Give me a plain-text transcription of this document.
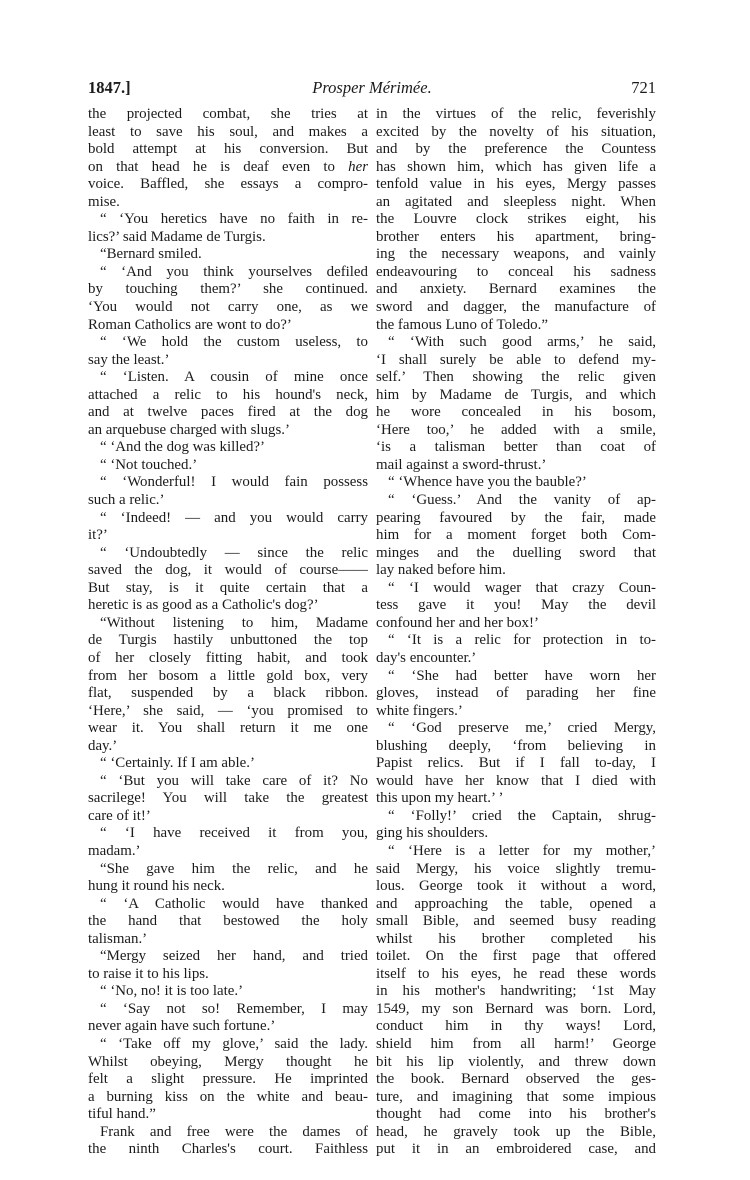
1847.]	Prosper Mérimée.	721
the projected combat, she tries at
least to save his soul, and makes a
bold attempt at his conversion. But
on that head he is deaf even to her
voice. Baffled, she essays a compro-
mise.
“ ‘You heretics have no faith in re-
lics?’ said Madame de Turgis.
“Bernard smiled.
“ ‘And you think yourselves defiled
by touching them?’ she continued.
‘You would not carry one, as we
Roman Catholics are wont to do?’
“ ‘We hold the custom useless, to
say the least.’
“ ‘Listen. A cousin of mine once
attached a relic to his hound's neck,
and at twelve paces fired at the dog
an arquebuse charged with slugs.’
“ ‘And the dog was killed?’
“ ‘Not touched.’
“ ‘Wonderful! I would fain possess
such a relic.’
“ ‘Indeed! — and you would carry
it?’
“ ‘Undoubtedly — since the relic
saved the dog, it would of course——
But stay, is it quite certain that a
heretic is as good as a Catholic's dog?’
“Without listening to him, Madame
de Turgis hastily unbuttoned the top
of her closely fitting habit, and took
from her bosom a little gold box, very
flat, suspended by a black ribbon.
‘Here,’ she said, — ‘you promised to
wear it. You shall return it me one
day.’
“ ‘Certainly. If I am able.’
“ ‘But you will take care of it? No
sacrilege! You will take the greatest
care of it!’
“ ‘I have received it from you,
madam.’
“She gave him the relic, and he
hung it round his neck.
“ ‘A Catholic would have thanked
the hand that bestowed the holy
talisman.’
“Mergy seized her hand, and tried
to raise it to his lips.
“ ‘No, no! it is too late.’
“ ‘Say not so! Remember, I may
never again have such fortune.’
“ ‘Take off my glove,’ said the lady.
Whilst obeying, Mergy thought he
felt a slight pressure. He imprinted
a burning kiss on the white and beau-
tiful hand.”
Frank and free were the dames of
the ninth Charles's court. Faithless
in the virtues of the relic, feverishly
excited by the novelty of his situation,
and by the preference the Countess
has shown him, which has given life a
tenfold value in his eyes, Mergy passes
an agitated and sleepless night. When
the Louvre clock strikes eight, his
brother enters his apartment, bring-
ing the necessary weapons, and vainly
endeavouring to conceal his sadness
and anxiety. Bernard examines the
sword and dagger, the manufacture of
the famous Luno of Toledo.”
“ ‘With such good arms,’ he said,
‘I shall surely be able to defend my-
self.’ Then showing the relic given
him by Madame de Turgis, and which
he wore concealed in his bosom,
‘Here too,’ he added with a smile,
‘is a talisman better than coat of
mail against a sword-thrust.’
“ ‘Whence have you the bauble?’
“ ‘Guess.’ And the vanity of ap-
pearing favoured by the fair, made
him for a moment forget both Com-
minges and the duelling sword that
lay naked before him.
“ ‘I would wager that crazy Coun-
tess gave it you! May the devil
confound her and her box!’
“ ‘It is a relic for protection in to-
day's encounter.’
“ ‘She had better have worn her
gloves, instead of parading her fine
white fingers.’
“ ‘God preserve me,’ cried Mergy,
blushing deeply, ‘from believing in
Papist relics. But if I fall to-day, I
would have her know that I died with
this upon my heart.’ ’
“ ‘Folly!’ cried the Captain, shrug-
ging his shoulders.
“ ‘Here is a letter for my mother,’
said Mergy, his voice slightly tremu-
lous. George took it without a word,
and approaching the table, opened a
small Bible, and seemed busy reading
whilst his brother completed his
toilet. On the first page that offered
itself to his eyes, he read these words
in his mother's handwriting; ‘1st May
1549, my son Bernard was born. Lord,
conduct him in thy ways! Lord,
shield him from all harm!’ George
bit his lip violently, and threw down
the book. Bernard observed the ges-
ture, and imagining that some impious
thought had come into his brother's
head, he gravely took up the Bible,
put it in an embroidered case, and
